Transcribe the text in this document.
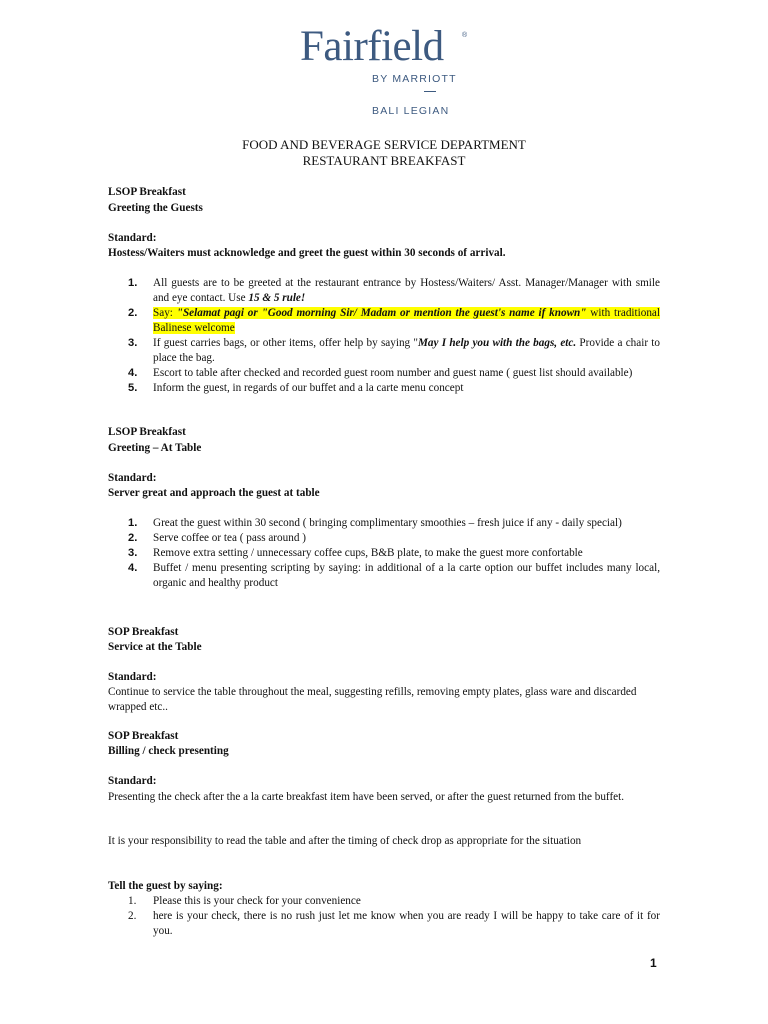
Fairfield	®
BY MARRIOTT
BALI LEGIAN
FOOD AND BEVERAGE SERVICE DEPARTMENT
RESTAURANT BREAKFAST
LSOP Breakfast
Greeting the Guests
Standard:
Hostess/Waiters must acknowledge and greet the guest within 30 seconds of arrival.
1. All guests are to be greeted at the restaurant entrance by Hostess/Waiters/ Asst. Manager/Manager with smile and eye contact. Use 15 & 5 rule!
2. Say: "Selamat pagi or "Good morning Sir/ Madam or mention the guest's name if known" with traditional Balinese welcome
3. If guest carries bags, or other items, offer help by saying "May I help you with the bags, etc. Provide a chair to place the bag.
4. Escort to table after checked and recorded guest room number and guest name ( guest list should available)
5. Inform the guest, in regards of our buffet and a la carte menu concept
LSOP Breakfast
Greeting – At Table
Standard:
Server great and approach the guest at table
1. Great the guest within 30 second ( bringing complimentary smoothies – fresh juice if any - daily special)
2. Serve coffee or tea ( pass around )
3. Remove extra setting / unnecessary coffee cups, B&B plate, to make the guest more confortable
4. Buffet / menu presenting scripting by saying: in additional of a la carte option our buffet includes many local, organic and healthy product
SOP Breakfast
Service at the Table
Standard:
Continue to service the table throughout the meal, suggesting refills, removing empty plates, glass ware and discarded wrapped etc..
SOP Breakfast
Billing / check presenting
Standard:
Presenting the check after the a la carte breakfast item have been served, or after the guest returned from the buffet.
It is your responsibility to read the table and after the timing of check drop as appropriate for the situation
Tell the guest by saying:
1. Please this is your check for your convenience
2. here is your check, there is no rush just let me know when you are ready I will be happy to take care of it for you.
1
